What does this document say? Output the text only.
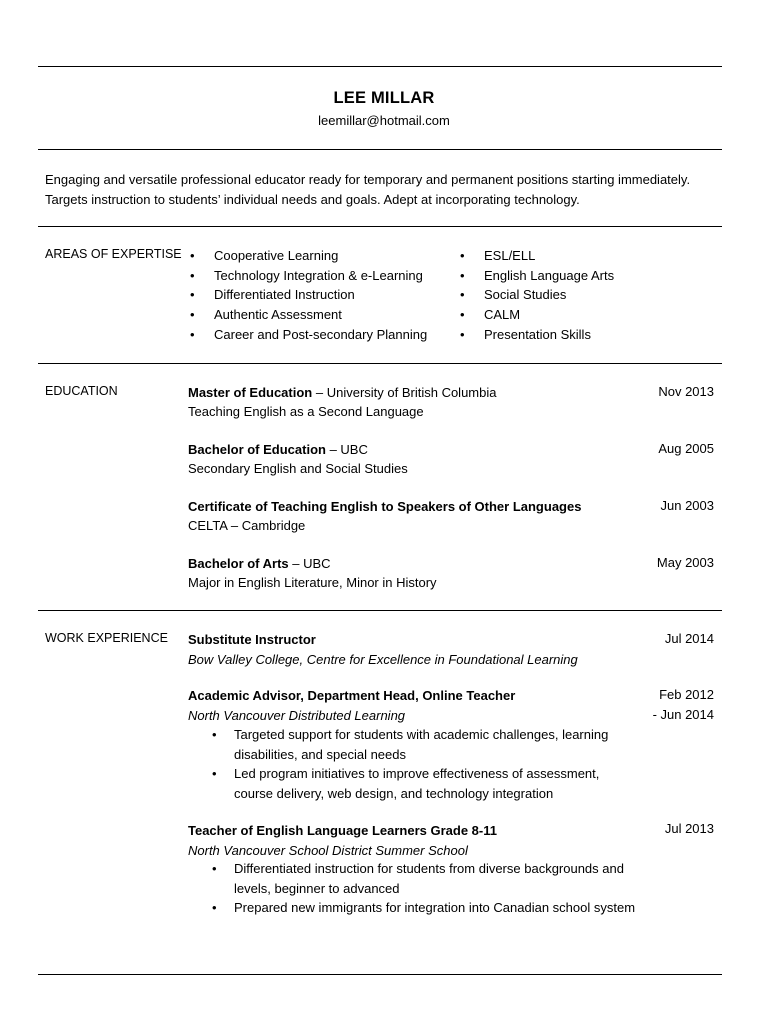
LEE MILLAR
leemillar@hotmail.com
Engaging and versatile professional educator ready for temporary and permanent positions starting immediately. Targets instruction to students’ individual needs and goals. Adept at incorporating technology.
AREAS OF EXPERTISE
•	Cooperative Learning
• Technology Integration & e-Learning
• Differentiated Instruction
• Authentic Assessment
• Career and Post-secondary Planning
• ESL/ELL
• English Language Arts
• Social Studies
• CALM
• Presentation Skills
EDUCATION	Master of Education – University of British Columbia
Teaching English as a Second Language
Nov 2013
Bachelor of Education – UBC
Secondary English and Social Studies
Aug 2005
Certificate of Teaching English to Speakers of Other Languages
CELTA – Cambridge
Jun 2003
Bachelor of Arts – UBC
Major in English Literature, Minor in History
May 2003
WORK EXPERIENCE Substitute Instructor
Bow Valley College, Centre for Excellence in Foundational Learning
Jul 2014
Academic Advisor, Department Head, Online Teacher
North Vancouver Distributed Learning
Feb 2012
- Jun 2014
• Targeted support for students with academic challenges, learning disabilities, and special needs
• Led program initiatives to improve effectiveness of assessment, course delivery, web design, and technology integration
Teacher of English Language Learners Grade 8-11
North Vancouver School District Summer School
Jul 2013
• Differentiated instruction for students from diverse backgrounds and levels, beginner to advanced
• Prepared new immigrants for integration into Canadian school system
